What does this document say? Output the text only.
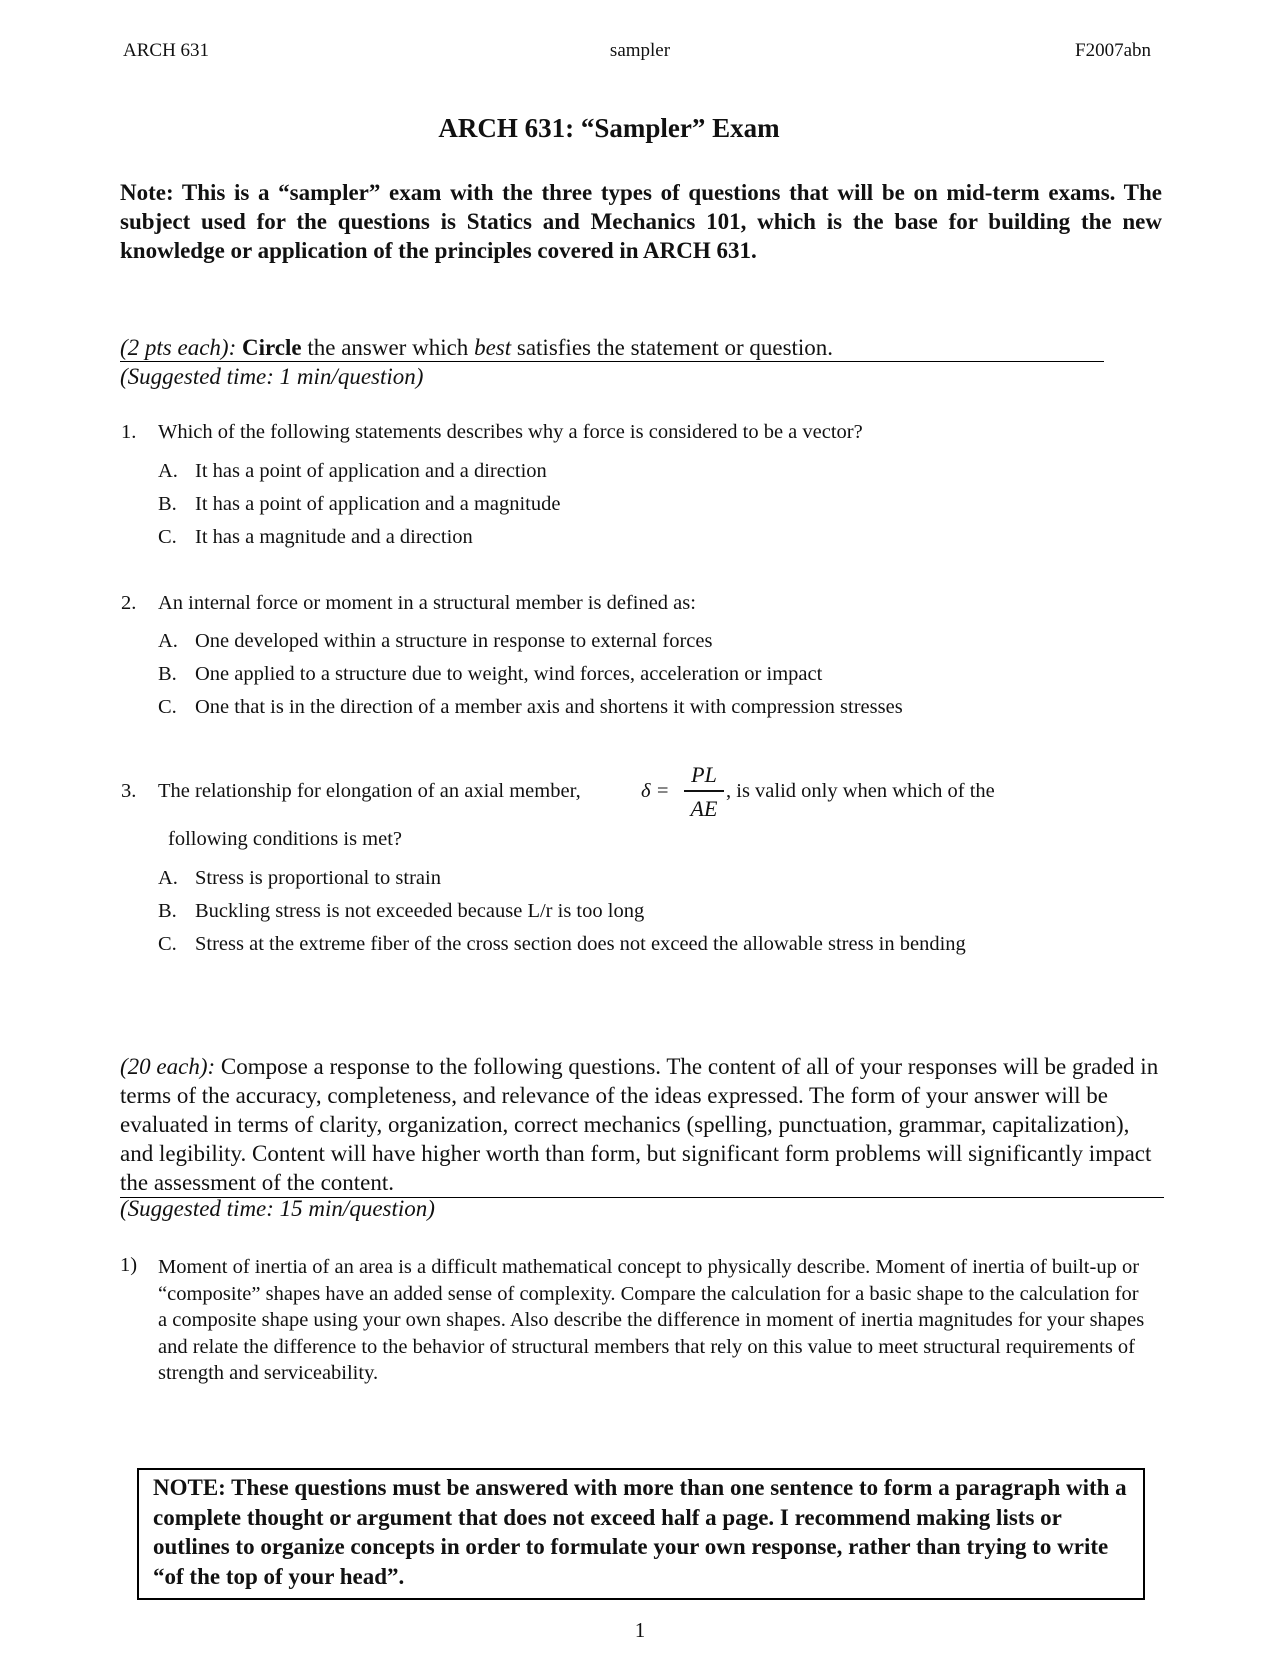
ARCH 631	sampler	F2007abn
ARCH 631: “Sampler” Exam
Note: This is a “sampler” exam with the three types of questions that will be on mid-term exams. The subject used for the questions is Statics and Mechanics 101, which is the base for building the new knowledge or application of the principles covered in ARCH 631.
(2 pts each): Circle the answer which best satisfies the statement or question.
(Suggested time: 1 min/question)
1. Which of the following statements describes why a force is considered to be a vector?
A. It has a point of application and a direction
B. It has a point of application and a magnitude
C. It has a magnitude and a direction
2. An internal force or moment in a structural member is defined as:
A. One developed within a structure in response to external forces
B. One applied to a structure due to weight, wind forces, acceleration or impact
C. One that is in the direction of a member axis and shortens it with compression stresses
3. The relationship for elongation of an axial member,	δ =
PL
AE
, is valid only when which of the
following conditions is met?
A. Stress is proportional to strain
B. Buckling stress is not exceeded because L/r is too long
C. Stress at the extreme fiber of the cross section does not exceed the allowable stress in bending
(20 each): Compose a response to the following questions. The content of all of your responses will be graded in terms of the accuracy, completeness, and relevance of the ideas expressed. The form of your answer will be evaluated in terms of clarity, organization, correct mechanics (spelling, punctuation, grammar, capitalization), and legibility. Content will have higher worth than form, but significant form problems will significantly impact the assessment of the content.
(Suggested time: 15 min/question)
1) Moment of inertia of an area is a difficult mathematical concept to physically describe. Moment of inertia of built-up or “composite” shapes have an added sense of complexity. Compare the calculation for a basic shape to the calculation for a composite shape using your own shapes. Also describe the difference in moment of inertia magnitudes for your shapes and relate the difference to the behavior of structural members that rely on this value to meet structural requirements of strength and serviceability.
NOTE: These questions must be answered with more than one sentence to form a paragraph with a complete thought or argument that does not exceed half a page. I recommend making lists or outlines to organize concepts in order to formulate your own response, rather than trying to write “of the top of your head”.
1
